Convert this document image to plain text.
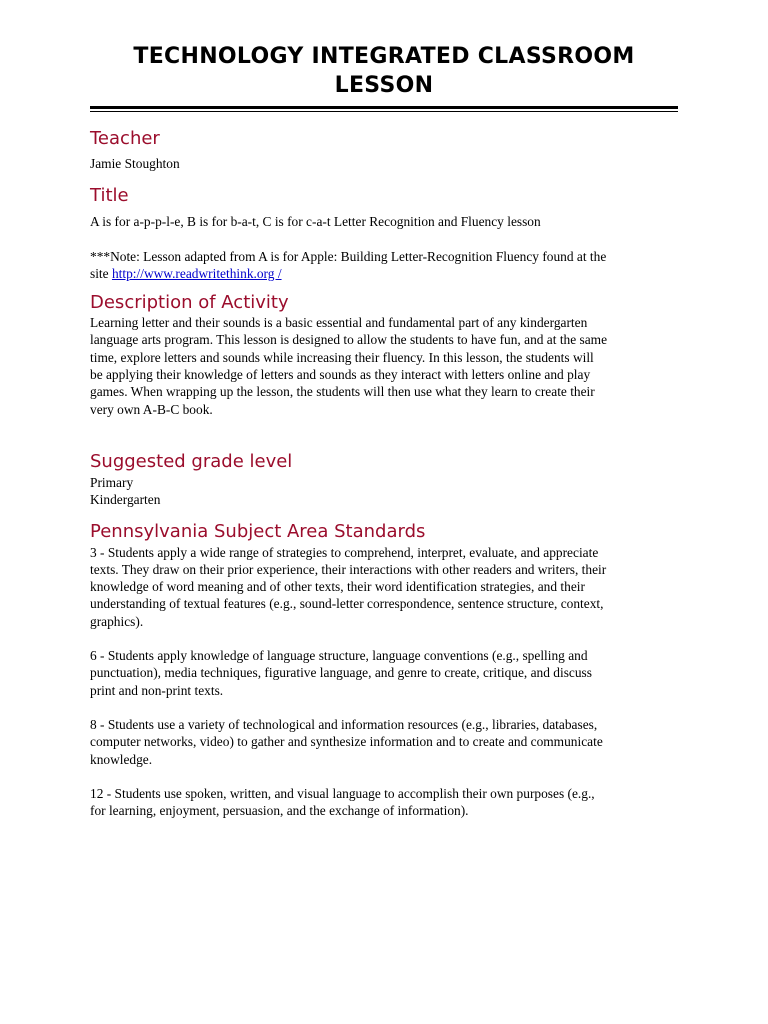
TECHNOLOGY INTEGRATED CLASSROOM
LESSON
Teacher
Jamie Stoughton
Title
A is for a-p-p-l-e, B is for b-a-t, C is for c-a-t Letter Recognition and Fluency lesson
***Note: Lesson adapted from A is for Apple: Building Letter-Recognition Fluency found at the
site http://www.readwritethink.org /
Description of Activity
Learning letter and their sounds is a basic essential and fundamental part of any kindergarten
language arts program. This lesson is designed to allow the students to have fun, and at the same
time, explore letters and sounds while increasing their fluency. In this lesson, the students will
be applying their knowledge of letters and sounds as they interact with letters online and play
games. When wrapping up the lesson, the students will then use what they learn to create their
very own A-B-C book.
Suggested grade level
Primary
Kindergarten
Pennsylvania Subject Area Standards
3 - Students apply a wide range of strategies to comprehend, interpret, evaluate, and appreciate
texts. They draw on their prior experience, their interactions with other readers and writers, their
knowledge of word meaning and of other texts, their word identification strategies, and their
understanding of textual features (e.g., sound-letter correspondence, sentence structure, context,
graphics).
6 - Students apply knowledge of language structure, language conventions (e.g., spelling and
punctuation), media techniques, figurative language, and genre to create, critique, and discuss
print and non-print texts.
8 - Students use a variety of technological and information resources (e.g., libraries, databases,
computer networks, video) to gather and synthesize information and to create and communicate
knowledge.
12 - Students use spoken, written, and visual language to accomplish their own purposes (e.g.,
for learning, enjoyment, persuasion, and the exchange of information).
